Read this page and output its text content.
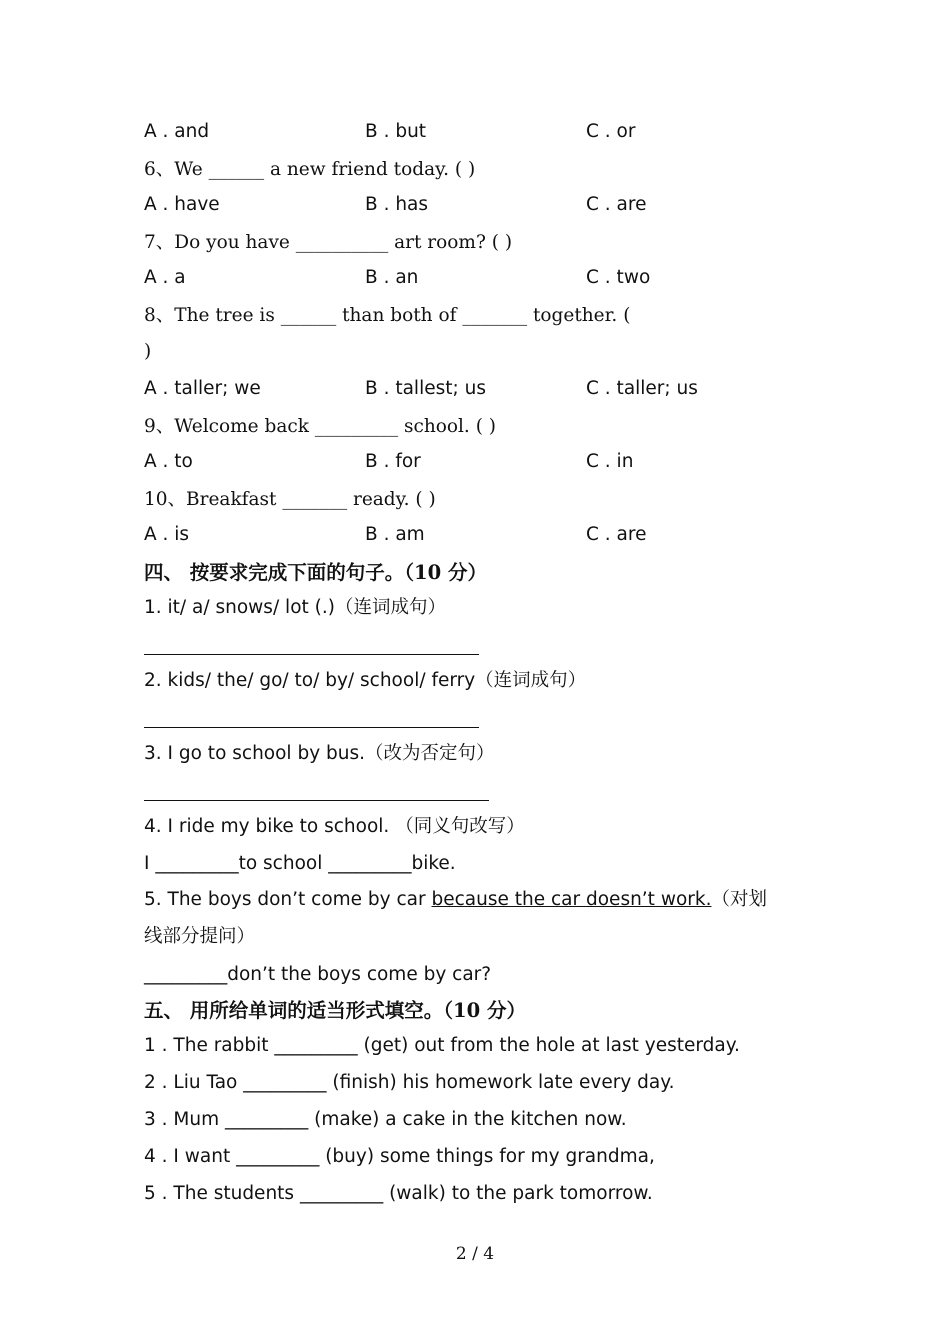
A . and	B . but	C . or
6、We ______ a new friend today. ( )
A . have	B . has	C . are
7、Do you have __________ art room? ( )
A . a	B . an	C . two
8、The tree is ______ than both of _______ together. (
)
A . taller; we	B . tallest; us	C . taller; us
9、Welcome back _________ school. ( )
A . to	B . for	C . in
10、Breakfast _______ ready. ( )
A . is	B . am	C . are
四、 按要求完成下面的句子。（10 分）
1. it/ a/ snows/ lot (.)（连词成句）
2. kids/ the/ go/ to/ by/ school/ ferry（连词成句）
3. I go to school by bus.（改为否定句）
4. I ride my bike to school. （同义句改写）
I _________to school _________bike.
5. The boys don’t come by car because the car doesn’t work.（对划
线部分提问）
_________don’t the boys come by car?
五、 用所给单词的适当形式填空。（10 分）
1 . The rabbit _________ (get) out from the hole at last yesterday.
2 . Liu Tao _________ (finish) his homework late every day.
3 . Mum _________ (make) a cake in the kitchen now.
4 . I want _________ (buy) some things for my grandma,
5 . The students _________ (walk) to the park tomorrow.
2 / 4
